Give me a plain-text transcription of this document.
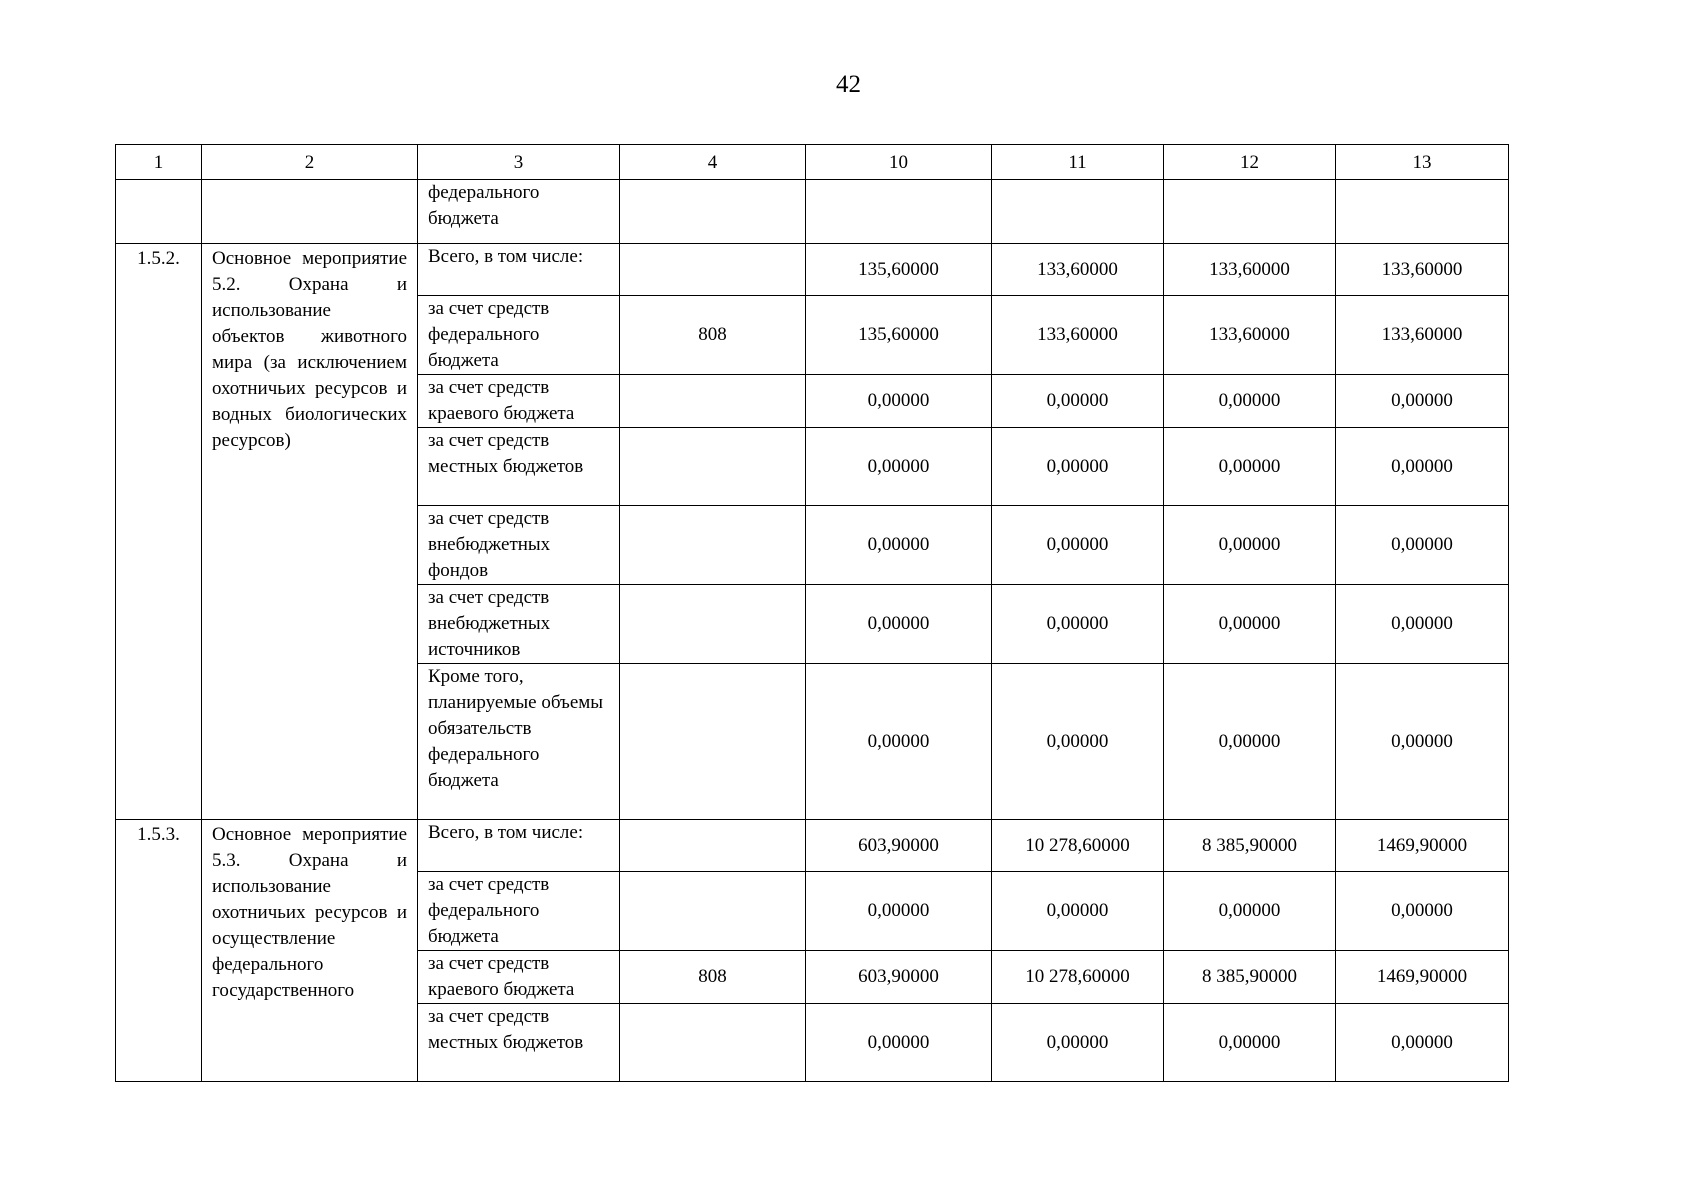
42
1	2	3	4	10	11	12	13
		федерального бюджета					
1.5.2.	Основное мероприятие 5.2. Охрана и использование объектов животного мира (за исключением охотничьих ресурсов и водных биологических ресурсов)	Всего, в том числе:		135,60000	133,60000	133,60000	133,60000
		за счет средств федерального бюджета	808	135,60000	133,60000	133,60000	133,60000
		за счет средств краевого бюджета		0,00000	0,00000	0,00000	0,00000
		за счет средств местных бюджетов		0,00000	0,00000	0,00000	0,00000
		за счет средств внебюджетных фондов		0,00000	0,00000	0,00000	0,00000
		за счет средств внебюджетных источников		0,00000	0,00000	0,00000	0,00000
		Кроме того, планируемые объемы обязательств федерального бюджета		0,00000	0,00000	0,00000	0,00000
1.5.3.	Основное мероприятие 5.3. Охрана и использование охотничьих ресурсов и осуществление федерального государственного	Всего, в том числе:		603,90000	10 278,60000	8 385,90000	1469,90000
		за счет средств федерального бюджета		0,00000	0,00000	0,00000	0,00000
		за счет средств краевого бюджета	808	603,90000	10 278,60000	8 385,90000	1469,90000
		за счет средств местных бюджетов		0,00000	0,00000	0,00000	0,00000
